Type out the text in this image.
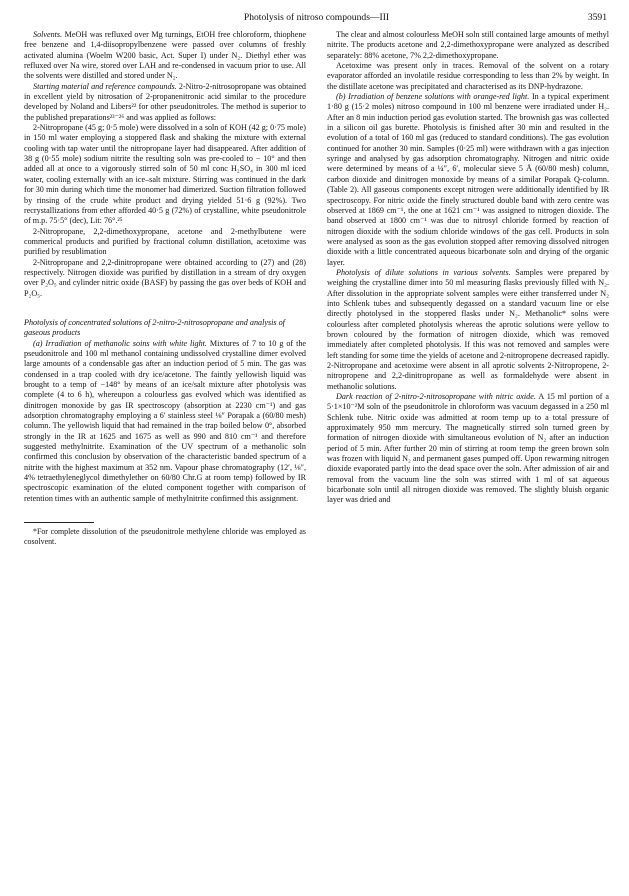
Photolysis of nitroso compounds—III	3591

Solvents. MeOH was refluxed over Mg turnings, EtOH free chloroform, thiophene free benzene and 1,4-diisopropylbenzene were passed over columns of freshly activated alumina (Woelm W200 basic, Act. Super I) under N₂. Diethyl ether was refluxed over Na wire, stored over LAH and re-condensed in vacuum prior to use. All the solvents were distilled and stored under N₂.

Starting material and reference compounds. 2-Nitro-2-nitrosopropane was obtained in excellent yield by nitrosation of 2-propanenitronic acid similar to the procedure developed by Noland and Libers²² for other pseudonitroles. The method is superior to the published preparations²³⁻²⁶ and was applied as follows:

2-Nitropropane (45 g; 0·5 mole) were dissolved in a soln of KOH (42 g; 0·75 mole) in 150 ml water employing a stoppered flask and shaking the mixture with external cooling with tap water until the nitropropane layer had disappeared. After addition of 38 g (0·55 mole) sodium nitrite the resulting soln was pre-cooled to − 10° and then added all at once to a vigorously stirred soln of 50 ml conc H₂SO₄ in 300 ml iced water, cooling externally with an ice–salt mixture. Stirring was continued in the dark for 30 min during which time the monomer had dimerized. Suction filtration followed by rinsing of the crude white product and drying yielded 51·6 g (92%). Two recrystallizations from ether afforded 40·5 g (72%) of crystalline, white pseudonitrole of m.p. 75·5° (dec), Lit: 76°.²⁵

2-Nitropropane, 2,2-dimethoxypropane, acetone and 2-methylbutene were commerical products and purified by fractional column distillation, acetoxime was purified by resublimation

2-Nitropropane and 2,2-dinitropropane were obtained according to (27) and (28) respectively. Nitrogen dioxide was purified by distillation in a stream of dry oxygen over P₂O₅ and cylinder nitric oxide (BASF) by passing the gas over beds of KOH and P₂O₅.

Photolysis of concentrated solutions of 2-nitro-2-nitrosopropane and analysis of gaseous products

(a) Irradiation of methanolic soins with white light. Mixtures of 7 to 10 g of the pseudonitrole and 100 ml methanol containing undissolved crystalline dimer evolved large amounts of a condensable gas after an induction period of 5 min. The gas was condensed in a trap cooled with dry ice/acetone. The faintly yellowish liquid was brought to a temp of −148° by means of an ice/salt mixture after photolysis was complete (4 to 6 h), whereupon a colourless gas evolved which was identified as dinitrogen monoxide by gas IR spectroscopy (absorption at 2230 cm⁻¹) and gas adsorption chromatography employing a 6′ stainless steel ⅛″ Porapak a (60/80 mesh) column. The yellowish liquid that had remained in the trap boiled below 0°, absorbed strongly in the IR at 1625 and 1675 as well as 990 and 810 cm⁻¹ and therefore suggested methylnitrite. Examination of the UV spectrum of a methanolic soln confirmed this conclusion by observation of the characteristic banded spectrum of a nitrite with the highest maximum at 352 nm. Vapour phase chromatography (12′, ⅛″, 4% tetraethyleneglycol dimethylether on 60/80 Chr.G at room temp) followed by IR spectroscopic examination of the eluted component together with comparison of retention times with an authentic sample of methylnitrite confirmed this assignment.

*For complete dissolution of the pseudonitrole methylene chloride was employed as cosolvent.

The clear and almost colourless MeOH soln still contained large amounts of methyl nitrite. The products acetone and 2,2-dimethoxypropane were analyzed as described separately: 88% acetone, 7% 2,2-dimethoxypropane.

Acetoxime was present only in traces. Removal of the solvent on a rotary evaporator afforded an involatile residue corresponding to less than 2% by weight. In the distillate acetone was precipitated and characterised as its DNP-hydrazone.

(b) Irradiation of benzene solutions with orange-red light. In a typical experiment 1·80 g (15·2 moles) nitroso compound in 100 ml benzene were irradiated under H₂. After an 8 min induction period gas evolution started. The brownish gas was collected in a silicon oil gas burette. Photolysis is finished after 30 min and resulted in the evolution of a total of 160 ml gas (reduced to standard conditions). The gas evolution continued for another 30 min. Samples (0·25 ml) were withdrawn with a gas injection syringe and analysed by gas adsorption chromatography. Nitrogen and nitric oxide were determined by means of a ¼″, 6′, molecular sieve 5 Å (60/80 mesh) column, carbon dioxide and dinitrogen monoxide by means of a similar Porapak Q-column. (Table 2). All gaseous components except nitrogen were additionally identified by IR spectroscopy. For nitric oxide the finely structured double band with zero centre was observed at 1869 cm⁻¹, the one at 1621 cm⁻¹ was assigned to nitrogen dioxide. The band observed at 1800 cm⁻¹ was due to nitrosyl chloride formed by reaction of nitrogen dioxide with the sodium chloride windows of the gas cell. Products in soln were analysed as soon as the gas evolution stopped after removing dissolved nitrogen dioxide with a little concentrated aqueous bicarbonate soln and drying of the organic layer.

Photolysis of dilute solutions in various solvents. Samples were prepared by weighing the crystalline dimer into 50 ml measuring flasks previously filled with N₂. After dissolution in the appropriate solvent samples were either transferred under N₂ into Schlenk tubes and subsequently degassed on a standard vacuum line or else directly photolysed in the stoppered flasks under N₂. Methanolic* solns were colourless after completed photolysis whereas the aprotic solutions were yellow to brown coloured by the formation of nitrogen dioxide, which was removed immediately after completed photolysis. If this was not removed and samples were left standing for some time the yields of acetone and 2-nitropropene decreased rapidly. 2-Nitropropane and acetoxime were absent in all aprotic solvents 2-Nitropropene, 2-nitropropene and 2,2-dinitropropane as well as formaldehyde were absent in methanolic solutions.

Dark reaction of 2-nitro-2-nitrosopropane with nitric oxide. A 15 ml portion of a 5·1×10⁻²M soln of the pseudonitrole in chloroform was vacuum degassed in a 250 ml Schlenk tube. Nitric oxide was admitted at room temp up to a total pressure of approximately 950 mm mercury. The magnetically stirred soln turned green by formation of nitrogen dioxide with simultaneous evolution of N₂ after an induction period of 5 min. After further 20 min of stirring at room temp the green brown soln was frozen with liquid N₂ and permanent gases pumped off. Upon rewarming nitrogen dioxide evaporated partly into the dead space over the soln. After admission of air and removal from the vacuum line the soln was stirred with 1 ml of sat aqueous bicarbonate soln until all nitrogen dioxide was removed. The slightly bluish organic layer was dried and
